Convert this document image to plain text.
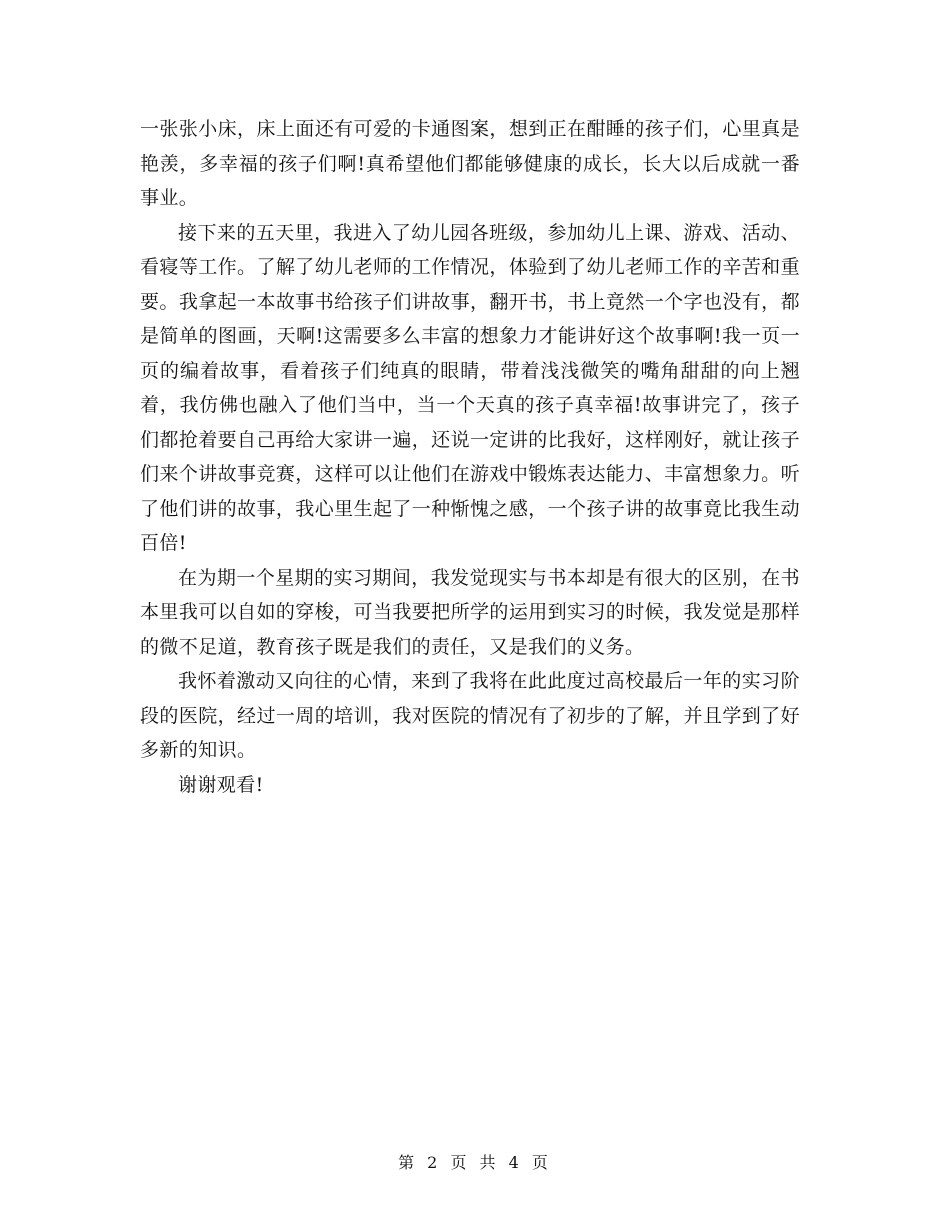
一张张小床，床上面还有可爱的卡通图案，想到正在酣睡的孩子们，心里真是艳羡，多幸福的孩子们啊!真希望他们都能够健康的成长，长大以后成就一番事业。

接下来的五天里，我进入了幼儿园各班级，参加幼儿上课、游戏、活动、看寝等工作。了解了幼儿老师的工作情况，体验到了幼儿老师工作的辛苦和重要。我拿起一本故事书给孩子们讲故事，翻开书，书上竟然一个字也没有，都是简单的图画，天啊!这需要多么丰富的想象力才能讲好这个故事啊!我一页一页的编着故事，看着孩子们纯真的眼睛，带着浅浅微笑的嘴角甜甜的向上翘着，我仿佛也融入了他们当中，当一个天真的孩子真幸福!故事讲完了，孩子们都抢着要自己再给大家讲一遍，还说一定讲的比我好，这样刚好，就让孩子们来个讲故事竞赛，这样可以让他们在游戏中锻炼表达能力、丰富想象力。听了他们讲的故事，我心里生起了一种惭愧之感，一个孩子讲的故事竟比我生动百倍!

在为期一个星期的实习期间，我发觉现实与书本却是有很大的区别，在书本里我可以自如的穿梭，可当我要把所学的运用到实习的时候，我发觉是那样的微不足道，教育孩子既是我们的责任，又是我们的义务。

我怀着激动又向往的心情，来到了我将在此此度过高校最后一年的实习阶段的医院，经过一周的培训，我对医院的情况有了初步的了解，并且学到了好多新的知识。

谢谢观看!

第 2 页 共 4 页
